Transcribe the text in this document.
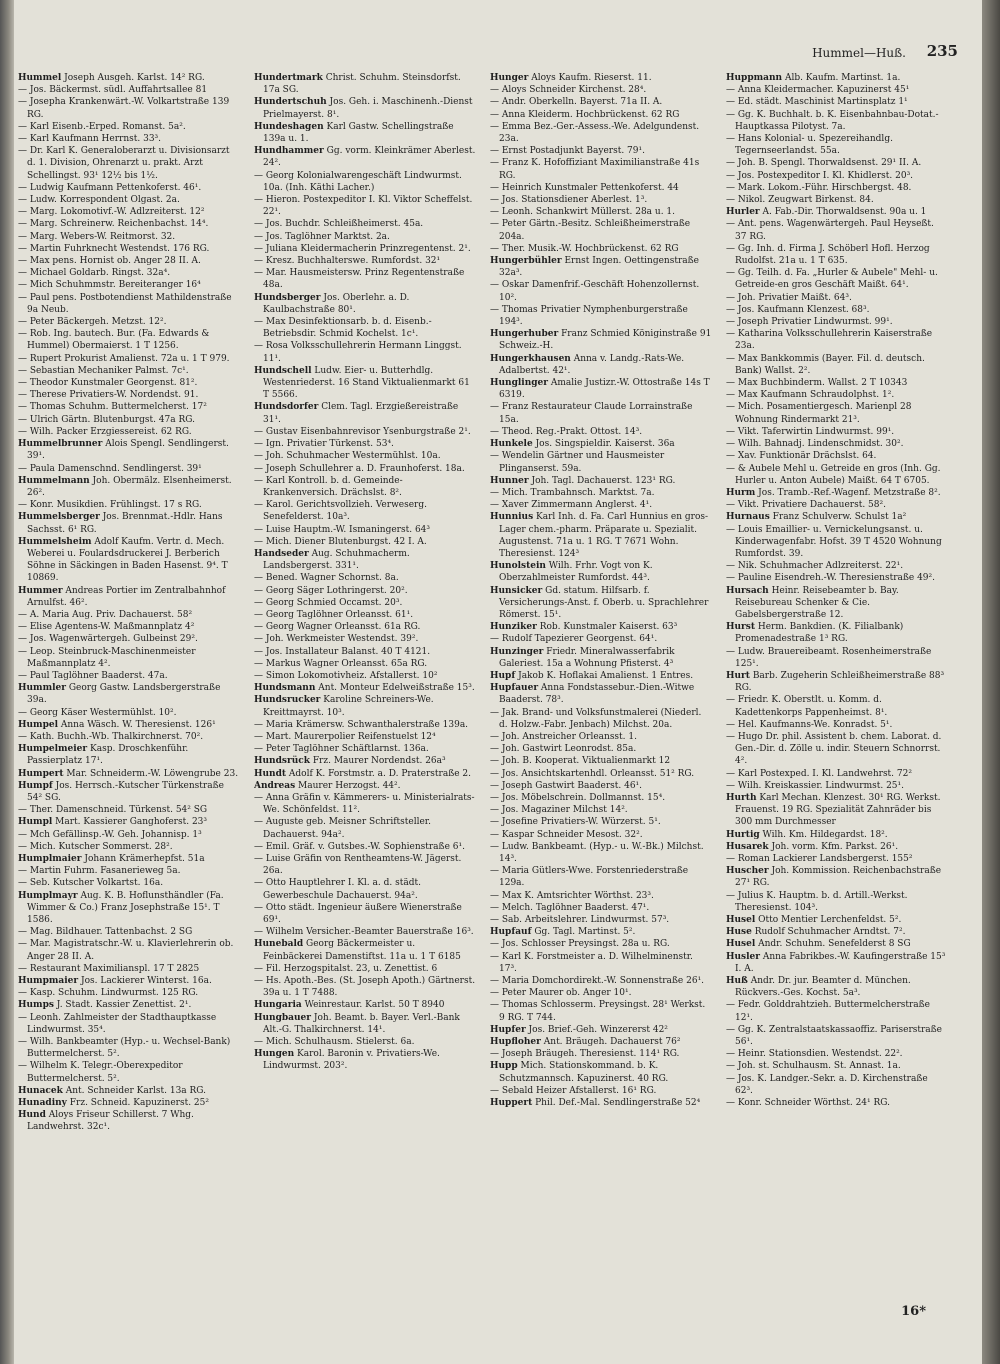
Hummel—Huß. 235
Hummel Joseph Ausgeh. Karlst. 14² RG.
— Jos. Bäckermst. südl. Auffahrtsallee 81
— Josepha Krankenwärt.-W. Volkartstraße 139 RG.
— Karl Eisenb.-Erped. Romanst. 5a².
— Karl Kaufmann Herrnst. 33³.
— Dr. Karl K. Generaloberarzt u. Divisionsarzt d. 1. Division, Ohrenarzt u. prakt. Arzt Schellingst. 93¹ 12½ bis 1½.
— Ludwig Kaufmann Pettenkoferst. 46¹.
— Ludw. Korrespondent Olgast. 2a.
— Marg. Lokomotivf.-W. Adlzreiterst. 12²
— Marg. Schreinerw. Reichenbachst. 14⁴.
— Marg. Webers-W. Reitmorst. 32.
— Martin Fuhrknecht Westendst. 176 RG.
— Max pens. Hornist ob. Anger 28 II. A.
— Michael Goldarb. Ringst. 32a⁴.
— Mich Schuhmmstr. Bereiteranger 16⁴
— Paul pens. Postbotendienst Mathildenstraße 9a Neub.
— Peter Bäckergeh. Metzst. 12².
— Rob. Ing. bautech. Bur. (Fa. Edwards & Hummel) Obermaierst. 1 T 1256.
— Rupert Prokurist Amalienst. 72a u. 1 T 979.
— Sebastian Mechaniker Palmst. 7c¹.
— Theodor Kunstmaler Georgenst. 81².
— Therese Privatiers-W. Nordendst. 91.
— Thomas Schuhm. Buttermelcherst. 17²
— Ulrich Gärtn. Blutenburgst. 47a RG.
— Wilh. Packer Erzgiessereist. 62 RG.
Hummelbrunner Alois Spengl. Sendlingerst. 39¹.
— Paula Damenschnd. Sendlingerst. 39¹
Hummelmann Joh. Obermälz. Elsenheimerst. 26².
— Konr. Musikdien. Frühlingst. 17 s RG.
Hummelsberger Jos. Brennmat.-Hdlr. Hans Sachsst. 6¹ RG.
Hummelsheim Adolf Kaufm. Vertr. d. Mech. Weberei u. Foulardsdruckerei J. Berberich Söhne in Säckingen in Baden Hasenst. 9⁴. T 10869.
Hummer Andreas Portier im Zentralbahnhof Arnulfst. 46².
— A. Maria Aug. Priv. Dachauerst. 58²
— Elise Agentens-W. Maßmannplatz 4²
— Jos. Wagenwärtergeh. Gulbeinst 29².
— Leop. Steinbruck-Maschinenmeister Maßmannplatz 4².
— Paul Taglöhner Baaderst. 47a.
Hummler Georg Gastw. Landsbergerstraße 39a.
— Georg Käser Westermühlst. 10².
Humpel Anna Wäsch. W. Theresienst. 126¹
— Kath. Buchh.-Wb. Thalkirchnerst. 70².
Humpelmeier Kasp. Droschkenführ. Passierplatz 17¹.
Humpert Mar. Schneiderm.-W. Löwengrube 23.
Humpf Jos. Herrsch.-Kutscher Türkenstraße 54² SG.
— Ther. Damenschneid. Türkenst. 54² SG
Humpl Mart. Kassierer Ganghoferst. 23³
— Mch Gefällinsp.-W. Geh. Johannisp. 1³
— Mich. Kutscher Sommerst. 28².
Humplmaier Johann Krämerhepfst. 51a
— Martin Fuhrm. Fasanerieweg 5a.
— Seb. Kutscher Volkartst. 16a.
Humplmayr Aug. K. B. Hoflunsthändler (Fa. Wimmer & Co.) Franz Josephstraße 15¹. T 1586.
— Mag. Bildhauer. Tattenbachst. 2 SG
— Mar. Magistratschr.-W. u. Klavierlehrerin ob. Anger 28 II. A.
— Restaurant Maximilianspl. 17 T 2825
Humpmaier Jos. Lackierer Winterst. 16a.
— Kasp. Schuhm. Lindwurmst. 125 RG.
Humps J. Stadt. Kassier Zenettist. 2¹.
— Leonh. Zahlmeister der Stadthauptkasse Lindwurmst. 35⁴.
— Wilh. Bankbeamter (Hyp.- u. Wechsel-Bank) Buttermelcherst. 5².
— Wilhelm K. Telegr.-Oberexpeditor Buttermelcherst. 5².
Hunacek Ant. Schneider Karlst. 13a RG.
Hunadiny Frz. Schneid. Kapuzinerst. 25²
Hund Aloys Friseur Schillerst. 7 Whg. Landwehrst. 32c¹.
Hundertmark Christ. Schuhm. Steinsdorfst. 17a SG.
Hundertschuh Jos. Geh. i. Maschinenh.-Dienst Prielmayerst. 8¹.
Hundeshagen Karl Gastw. Schellingstraße 139a u. 1.
Hundhammer Gg. vorm. Kleinkrämer Aberlest. 24².
— Georg Kolonialwarengeschäft Lindwurmst. 10a. (Inh. Käthi Lacher.)
— Hieron. Postexpeditor I. Kl. Viktor Scheffelst. 22¹.
— Jos. Buchdr. Schleißheimerst. 45a.
— Jos. Taglöhner Marktst. 2a.
— Juliana Kleidermacherin Prinzregentenst. 2¹.
— Kresz. Buchhalterswe. Rumfordst. 32¹
— Mar. Hausmeistersw. Prinz Regentenstraße 48a.
Hundsberger Jos. Oberlehr. a. D. Kaulbachstraße 80¹.
— Max Desinfektionsarb. b. d. Eisenb.-Betriebsdir. Schmid Kochelst. 1c¹.
— Rosa Volksschullehrerin Hermann Linggst. 11¹.
Hundschell Ludw. Eier- u. Butterhdlg. Westenriederst. 16 Stand Viktualienmarkt 61 T 5566.
Hundsdorfer Clem. Tagl. Erzgießereistraße 31¹.
— Gustav Eisenbahnrevisor Ysenburgstraße 2¹.
— Ign. Privatier Türkenst. 53⁴.
— Joh. Schuhmacher Westermühlst. 10a.
— Joseph Schullehrer a. D. Fraunhoferst. 18a.
— Karl Kontroll. b. d. Gemeinde-Krankenversich. Drächslst. 8².
— Karol. Gerichtsvollzieh. Verweserg. Senefelderst. 10a³.
— Luise Hauptm.-W. Ismaningerst. 64³
— Mich. Diener Blutenburgst. 42 I. A.
Handseder Aug. Schuhmacherm. Landsbergerst. 331¹.
— Bened. Wagner Schornst. 8a.
— Georg Säger Lothringerst. 20².
— Georg Schmied Occamst. 20³.
— Georg Taglöhner Orleansst. 61¹.
— Georg Wagner Orleansst. 61a RG.
— Joh. Werkmeister Westendst. 39².
— Jos. Installateur Balanst. 40 T 4121.
— Markus Wagner Orleansst. 65a RG.
— Simon Lokomotivheiz. Afstallerst. 10²
Hundsmann Ant. Monteur Edelweißstraße 15³.
Hundsrucker Karoline Schreiners-We. Kreittmayrst. 10³.
— Maria Krämersw. Schwanthalerstraße 139a.
— Mart. Maurerpolier Reifenstuelst 12⁴
— Peter Taglöhner Schäftlarnst. 136a.
Hundsrück Frz. Maurer Nordendst. 26a³
Hundt Adolf K. Forstmstr. a. D. Praterstraße 2.
Andreas Maurer Herzogst. 44².
— Anna Gräfin v. Kämmerers- u. Ministerialrats-We. Schönfeldst. 11².
— Auguste geb. Meisner Schriftsteller. Dachauerst. 94a².
— Emil. Gräf. v. Gutsbes.-W. Sophienstraße 6¹.
— Luise Gräfin von Rentheamtens-W. Jägerst. 26a.
— Otto Hauptlehrer I. Kl. a. d. städt. Gewerbeschule Dachauerst. 94a².
— Otto städt. Ingenieur äußere Wienerstraße 69¹.
— Wilhelm Versicher.-Beamter Bauerstraße 16³.
Hunebald Georg Bäckermeister u. Feinbäckerei Damenstiftst. 11a u. 1 T 6185
— Fil. Herzogspitalst. 23, u. Zenettist. 6
— Hs. Apoth.-Bes. (St. Joseph Apoth.) Gärtnerst. 39a u. 1 T 7488.
Hungaria Weinrestaur. Karlst. 50 T 8940
Hungbauer Joh. Beamt. b. Bayer. Verl.-Bank Alt.-G. Thalkirchnerst. 14¹.
— Mich. Schulhausm. Stielerst. 6a.
Hungen Karol. Baronin v. Privatiers-We. Lindwurmst. 203².
Hunger Aloys Kaufm. Rieserst. 11.
— Aloys Schneider Kirchenst. 28⁴.
— Andr. Oberkelln. Bayerst. 71a II. A.
— Anna Kleiderm. Hochbrückenst. 62 RG
— Emma Bez.-Ger.-Assess.-We. Adelgundenst. 23a.
— Ernst Postadjunkt Bayerst. 79¹.
— Franz K. Hofoffiziant Maximilianstraße 41s RG.
— Heinrich Kunstmaler Pettenkoferst. 44
— Jos. Stationsdiener Aberlest. 1³.
— Leonh. Schankwirt Müllerst. 28a u. 1.
— Peter Gärtn.-Besitz. Schleißheimerstraße 204a.
— Ther. Musik.-W. Hochbrückenst. 62 RG
Hungerbühler Ernst Ingen. Oettingenstraße 32a³.
— Oskar Damenfrif.-Geschäft Hohenzollernst. 10².
— Thomas Privatier Nymphenburgerstraße 194³.
Hungerhuber Franz Schmied Königinstraße 91 Schweiz.-H.
Hungerkhausen Anna v. Landg.-Rats-We. Adalbertst. 42¹.
Hunglinger Amalie Justizr.-W. Ottostraße 14s T 6319.
— Franz Restaurateur Claude Lorrainstraße 15a.
— Theod. Reg.-Prakt. Ottost. 14³.
Hunkele Jos. Singspieldir. Kaiserst. 36a
— Wendelin Gärtner und Hausmeister Plinganserst. 59a.
Hunner Joh. Tagl. Dachauerst. 123¹ RG.
— Mich. Trambahnsch. Marktst. 7a.
— Xaver Zimmermann Anglerst. 4¹.
Hunnius Karl Inh. d. Fa. Carl Hunnius en gros-Lager chem.-pharm. Präparate u. Spezialit. Augustenst. 71a u. 1 RG. T 7671 Wohn. Theresienst. 124³
Hunolstein Wilh. Frhr. Vogt von K. Oberzahlmeister Rumfordst. 44³.
Hunsicker Gd. statum. Hilfsarb. f. Versicherungs-Anst. f. Oberb. u. Sprachlehrer Römerst. 15¹.
Hunziker Rob. Kunstmaler Kaiserst. 63³
— Rudolf Tapezierer Georgenst. 64¹.
Hunzinger Friedr. Mineralwasserfabrik Galeriest. 15a a Wohnung Pfisterst. 4³
Hupf Jakob K. Hoflakai Amalienst. 1 Entres.
Hupfauer Anna Fondstassebur.-Dien.-Witwe Baaderst. 78³.
— Jak. Brand- und Volksfunstmalerei (Niederl. d. Holzw.-Fabr. Jenbach) Milchst. 20a.
— Joh. Anstreicher Orleansst. 1.
— Joh. Gastwirt Leonrodst. 85a.
— Joh. B. Kooperat. Viktualienmarkt 12
— Jos. Ansichtskartenhdl. Orleansst. 51² RG.
— Joseph Gastwirt Baaderst. 46¹.
— Jos. Möbelschrein. Dollmannst. 15⁴.
— Jos. Magaziner Milchst 14².
— Josefine Privatiers-W. Würzerst. 5¹.
— Kaspar Schneider Mesost. 32².
— Ludw. Bankbeamt. (Hyp.- u. W.-Bk.) Milchst. 14³.
— Maria Gütlers-Wwe. Forstenriederstraße 129a.
— Max K. Amtsrichter Wörthst. 23³.
— Melch. Taglöhner Baaderst. 47¹.
— Sab. Arbeitslehrer. Lindwurmst. 57³.
Hupfauf Gg. Tagl. Martinst. 5².
— Jos. Schlosser Preysingst. 28a u. RG.
— Karl K. Forstmeister a. D. Wilhelminenstr. 17³.
— Maria Domchordirekt.-W. Sonnenstraße 26¹.
— Peter Maurer ob. Anger 10¹.
— Thomas Schlosserm. Preysingst. 28¹ Werkst. 9 RG. T 744.
Hupfer Jos. Brief.-Geh. Winzererst 42²
Hupfloher Ant. Bräugeh. Dachauerst 76²
— Joseph Bräugeh. Theresienst. 114¹ RG.
Hupp Mich. Stationskommand. b. K. Schutzmannsch. Kapuzinerst. 40 RG.
— Sebald Heizer Afstallerst. 16¹ RG.
Huppert Phil. Def.-Mal. Sendlingerstraße 52⁴
Huppmann Alb. Kaufm. Martinst. 1a.
— Anna Kleidermacher. Kapuzinerst 45¹
— Ed. städt. Maschinist Martinsplatz 1¹
— Gg. K. Buchhalt. b. K. Eisenbahnbau-Dotat.-Hauptkassa Pilotyst. 7a.
— Hans Kolonial- u. Spezereihandlg. Tegernseerlandst. 55a.
— Joh. B. Spengl. Thorwaldsenst. 29¹ II. A.
— Jos. Postexpeditor I. Kl. Khidlerst. 20³.
— Mark. Lokom.-Führ. Hirschbergst. 48.
— Nikol. Zeugwart Birkenst. 84.
Hurler A. Fab.-Dir. Thorwaldsenst. 90a u. 1
— Ant. pens. Wagenwärtergeh. Paul Heyseßt. 37 RG.
— Gg. Inh. d. Firma J. Schöberl Hofl. Herzog Rudolfst. 21a u. 1 T 635.
— Gg. Teilh. d. Fa. „Hurler & Aubele" Mehl- u. Getreide-en gros Geschäft Maißt. 64¹.
— Joh. Privatier Maißt. 64³.
— Jos. Kaufmann Klenzest. 68³.
— Joseph Privatier Lindwurmst. 99¹.
— Katharina Volksschullehrerin Kaiserstraße 23a.
— Max Bankkommis (Bayer. Fil. d. deutsch. Bank) Wallst. 2².
— Max Buchbinderm. Wallst. 2 T 10343
— Max Kaufmann Schraudolphst. 1².
— Mich. Posamentiergesch. Marienpl 28 Wohnung Rindermarkt 21³.
— Vikt. Taferwirtin Lindwurmst. 99¹.
— Wilh. Bahnadj. Lindenschmidst. 30².
— Xav. Funktionär Drächslst. 64.
— & Aubele Mehl u. Getreide en gros (Inh. Gg. Hurler u. Anton Aubele) Maißt. 64 T 6705.
Hurm Jos. Tramb.-Ref.-Wagenf. Metzstraße 8².
— Vikt. Privatiere Dachauerst. 58².
Hurnaus Franz Schulverw. Schulst 1a²
— Louis Emaillier- u. Vernickelungsanst. u. Kinderwagenfabr. Hofst. 39 T 4520 Wohnung Rumfordst. 39.
— Nik. Schuhmacher Adlzreiterst. 22¹.
— Pauline Eisendreh.-W. Theresienstraße 49².
Hursach Heinr. Reisebeamter b. Bay. Reisebureau Schenker & Cie. Gabelsbergerstraße 12.
Hurst Herm. Bankdien. (K. Filialbank) Promenadestraße 1³ RG.
— Ludw. Brauereibeamt. Rosenheimerstraße 125¹.
Hurt Barb. Zugeherin Schleißheimerstraße 88³ RG.
— Friedr. K. Oberstlt. u. Komm. d. Kadettenkorps Pappenheimst. 8¹.
— Hel. Kaufmanns-We. Konradst. 5¹.
— Hugo Dr. phil. Assistent b. chem. Laborat. d. Gen.-Dir. d. Zölle u. indir. Steuern Schnorrst. 4².
— Karl Postexped. I. Kl. Landwehrst. 72²
— Wilh. Kreiskassier. Lindwurmst. 25¹.
Hurth Karl Mechan. Klenzest. 30¹ RG. Werkst. Frauenst. 19 RG. Spezialität Zahnräder bis 300 mm Durchmesser
Hurtig Wilh. Km. Hildegardst. 18².
Husarek Joh. vorm. Kfm. Parkst. 26¹.
— Roman Lackierer Landsbergerst. 155²
Huscher Joh. Kommission. Reichenbachstraße 27¹ RG.
— Julius K. Hauptm. b. d. Artill.-Werkst. Theresienst. 104³.
Husel Otto Mentier Lerchenfeldst. 5².
Huse Rudolf Schuhmacher Arndtst. 7².
Husel Andr. Schuhm. Senefelderst 8 SG
Husler Anna Fabrikbes.-W. Kaufingerstraße 15³ I. A.
Huß Andr. Dr. jur. Beamter d. München. Rückvers.-Ges. Kochst. 5a³.
— Fedr. Golddrahtzieh. Buttermelcherstraße 12¹.
— Gg. K. Zentralstaatskassaoffiz. Pariserstraße 56¹.
— Heinr. Stationsdien. Westendst. 22².
— Joh. st. Schulhausm. St. Annast. 1a.
— Jos. K. Landger.-Sekr. a. D. Kirchenstraße 62³.
— Konr. Schneider Wörthst. 24¹ RG.
16*
